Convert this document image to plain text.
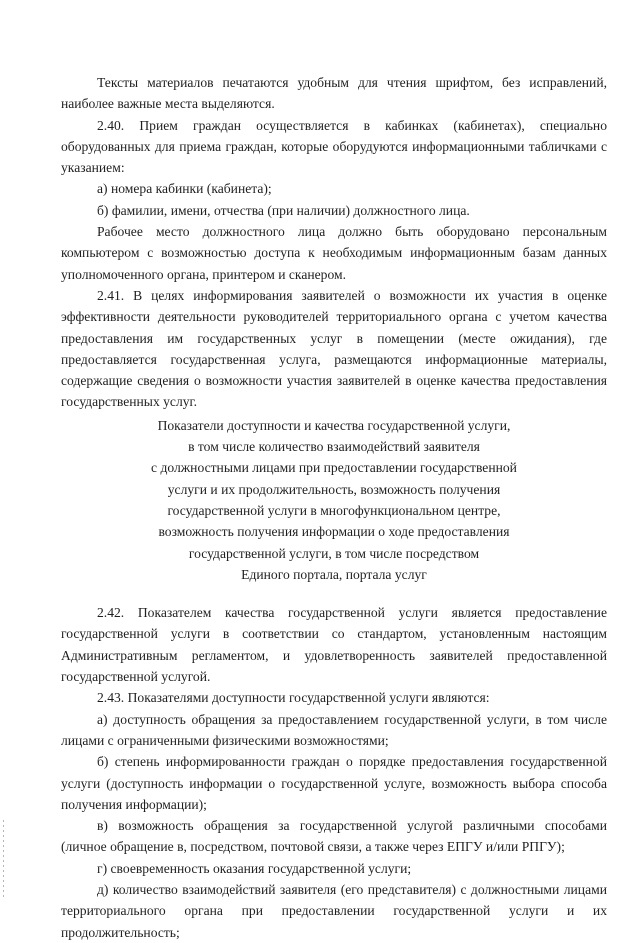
Тексты материалов печатаются удобным для чтения шрифтом, без исправлений, наиболее важные места выделяются.

2.40. Прием граждан осуществляется в кабинках (кабинетах), специально оборудованных для приема граждан, которые оборудуются информационными табличками с указанием:

а) номера кабинки (кабинета);

б) фамилии, имени, отчества (при наличии) должностного лица.

Рабочее место должностного лица должно быть оборудовано персональным компьютером с возможностью доступа к необходимым информационным базам данных уполномоченного органа, принтером и сканером.

2.41. В целях информирования заявителей о возможности их участия в оценке эффективности деятельности руководителей территориального органа с учетом качества предоставления им государственных услуг в помещении (месте ожидания), где предоставляется государственная услуга, размещаются информационные материалы, содержащие сведения о возможности участия заявителей в оценке качества предоставления государственных услуг.

Показатели доступности и качества государственной услуги,
в том числе количество взаимодействий заявителя
с должностными лицами при предоставлении государственной
услуги и их продолжительность, возможность получения
государственной услуги в многофункциональном центре,
возможность получения информации о ходе предоставления
государственной услуги, в том числе посредством
Единого портала, портала услуг

2.42. Показателем качества государственной услуги является предоставление государственной услуги в соответствии со стандартом, установленным настоящим Административным регламентом, и удовлетворенность заявителей предоставленной государственной услугой.

2.43. Показателями доступности государственной услуги являются:

а) доступность обращения за предоставлением государственной услуги, в том числе лицами с ограниченными физическими возможностями;

б) степень информированности граждан о порядке предоставления государственной услуги (доступность информации о государственной услуге, возможность выбора способа получения информации);

в) возможность обращения за государственной услугой различными способами (личное обращение в, посредством, почтовой связи, а также через ЕПГУ и/или РПГУ);

г) своевременность оказания государственной услуги;

д) количество взаимодействий заявителя (его представителя) с должностными лицами территориального органа при предоставлении государственной услуги и их продолжительность;
